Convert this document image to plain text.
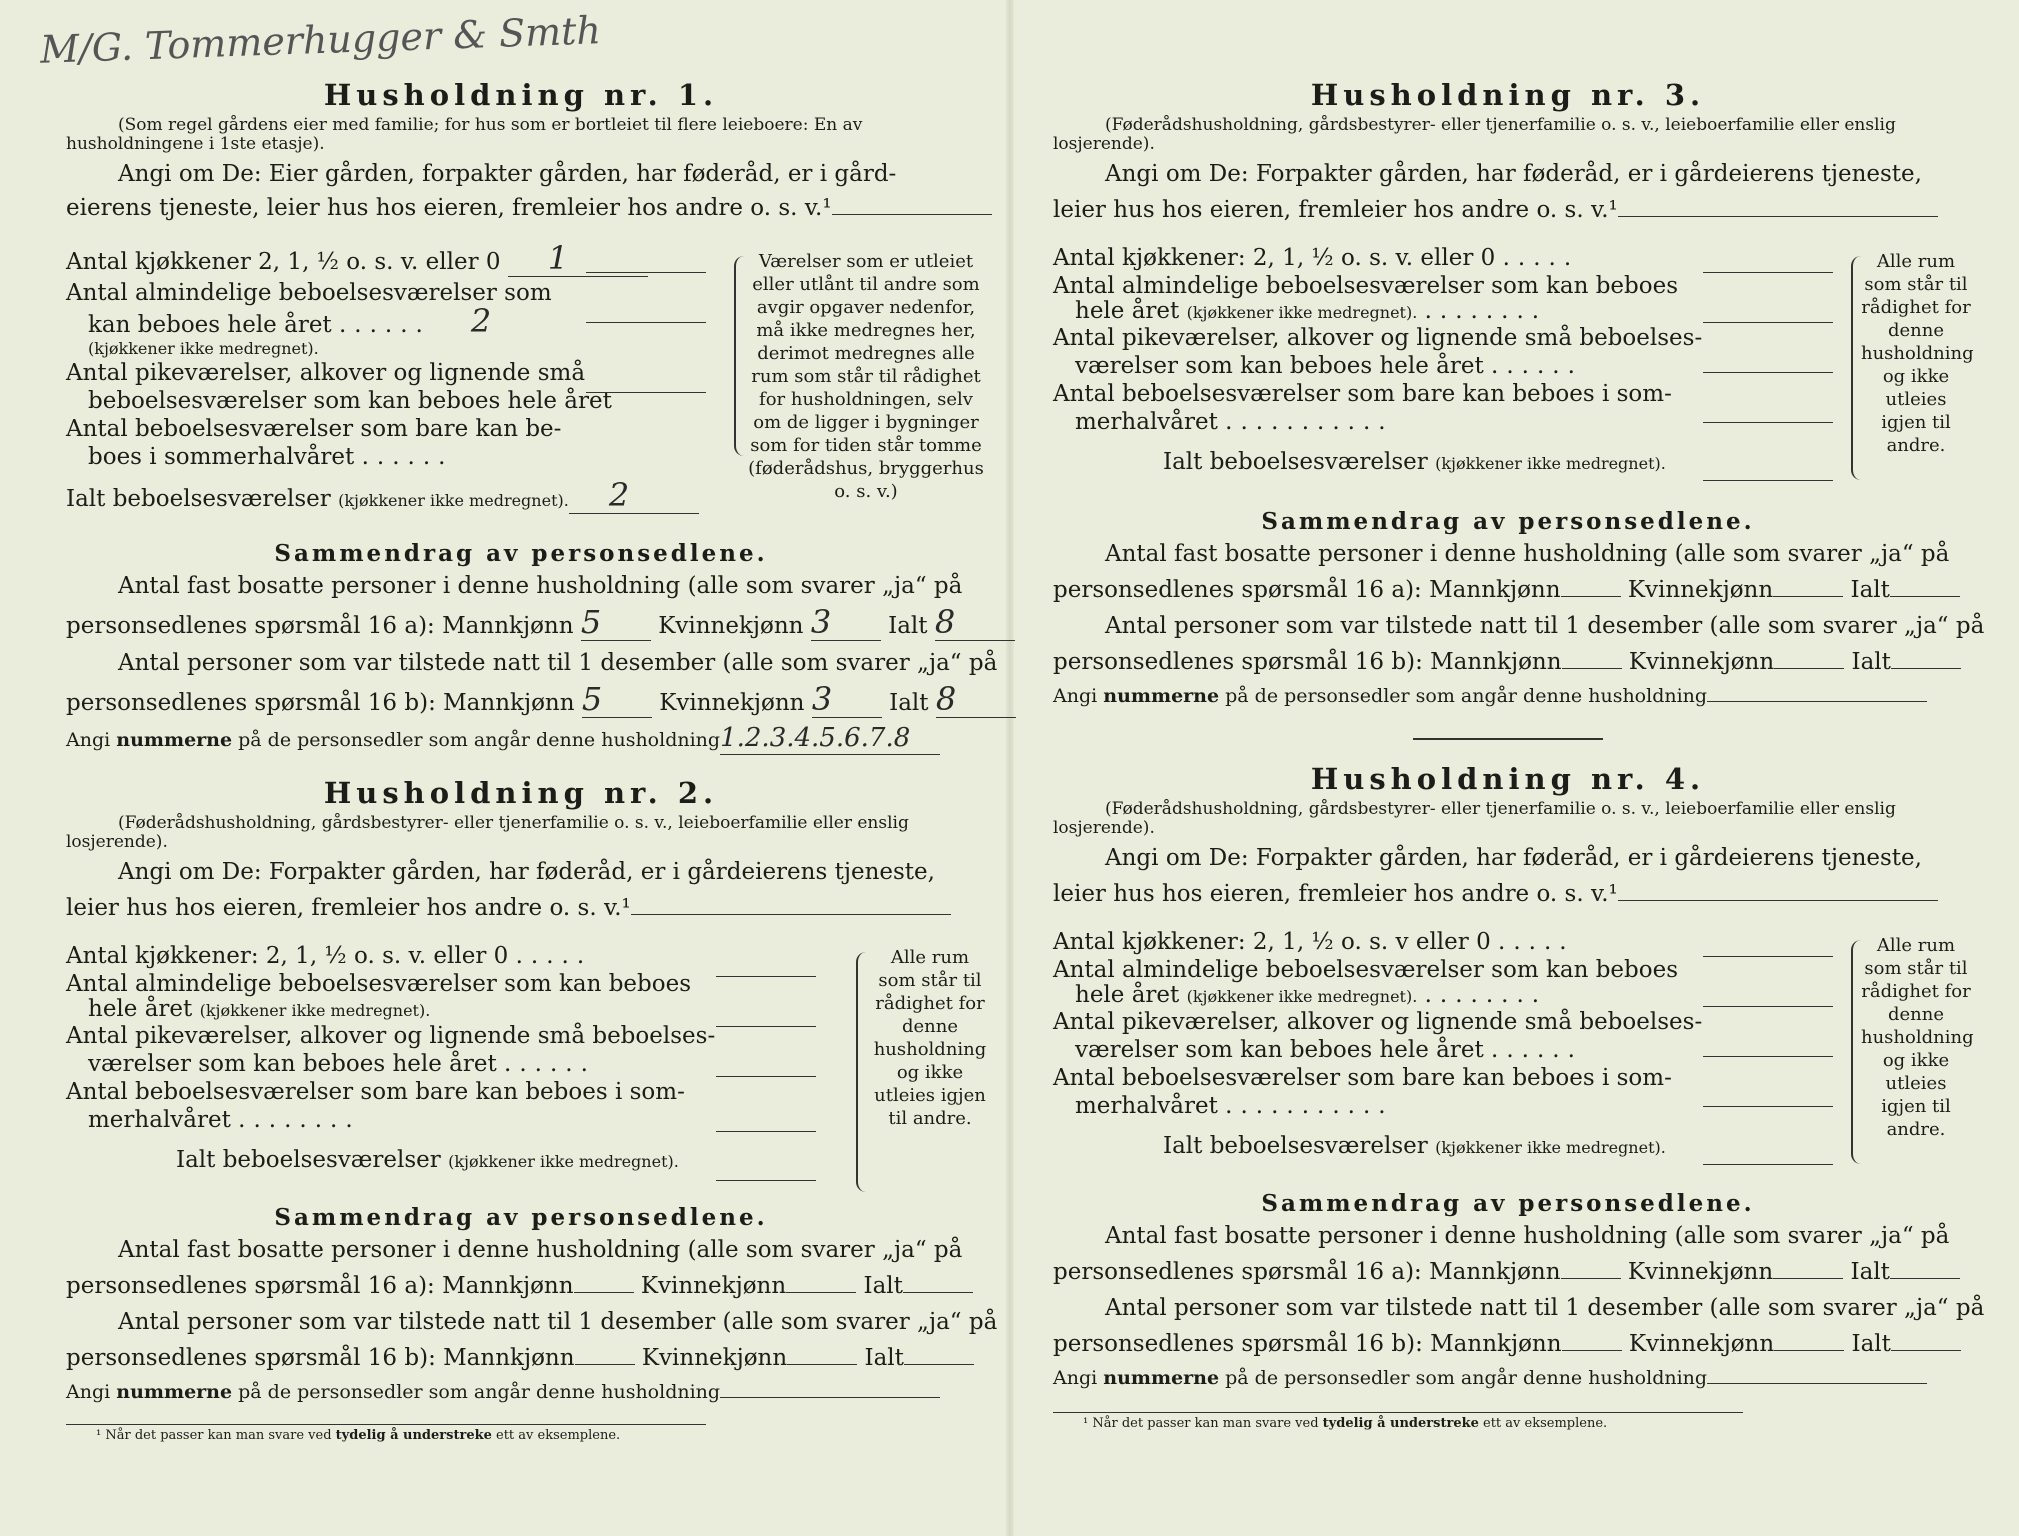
M/G. Tommerhugger & Smth
Husholdning nr. 1.
(Som regel gårdens eier med familie; for hus som er bortleiet til flere leieboere: En av husholdningene i 1ste etasje).
Angi om De: Eier gården, forpakter gården, har føderåd, er i gård-
eierens tjeneste, leier hus hos eieren, fremleier hos andre o. s. v.¹
Antal kjøkkener 2, 1, ½ o. s. v. eller 0 1
Antal almindelige beboelsesværelser som
kan beboes hele året ...... 2
(kjøkkener ikke medregnet).
Antal pikeværelser, alkover og lignende små
beboelsesværelser som kan beboes hele året
Antal beboelsesværelser som bare kan be-
boes i sommerhalvåret ......
Ialt beboelsesværelser (kjøkkener ikke medregnet). 2
Værelser som er utleiet eller utlånt til andre som avgir opgaver nedenfor, må ikke medregnes her, derimot medregnes alle rum som står til rådighet for husholdningen, selv om de ligger i bygninger som for tiden står tomme (føderådshus, bryggerhus o. s. v.)
Sammendrag av personsedlene.
Antal fast bosatte personer i denne husholdning (alle som svarer „ja“ på
personsedlenes spørsmål 16 a): Mannkjønn 5 Kvinnekjønn 3 Ialt 8
Antal personer som var tilstede natt til 1 desember (alle som svarer „ja“ på
personsedlenes spørsmål 16 b): Mannkjønn 5 Kvinnekjønn 3 Ialt 8
Angi nummerne på de personsedler som angår denne husholdning1.2.3.4.5.6.7.8
Husholdning nr. 2.
(Føderådshusholdning, gårdsbestyrer- eller tjenerfamilie o. s. v., leieboerfamilie eller enslig losjerende).
Angi om De: Forpakter gården, har føderåd, er i gårdeierens tjeneste,
leier hus hos eieren, fremleier hos andre o. s. v.¹
Antal kjøkkener: 2, 1, ½ o. s. v. eller 0 .....
Antal almindelige beboelsesværelser som kan beboes
hele året (kjøkkener ikke medregnet).
Antal pikeværelser, alkover og lignende små beboelses-
værelser som kan beboes hele året ......
Antal beboelsesværelser som bare kan beboes i som-
merhalvåret ........
Ialt beboelsesværelser (kjøkkener ikke medregnet).
Alle rum som står til rådighet for denne husholdning og ikke utleies igjen til andre.
Sammendrag av personsedlene.
Antal fast bosatte personer i denne husholdning (alle som svarer „ja“ på
personsedlenes spørsmål 16 a): Mannkjønn	Kvinnekjønn	Ialt
Antal personer som var tilstede natt til 1 desember (alle som svarer „ja“ på
personsedlenes spørsmål 16 b): Mannkjønn	Kvinnekjønn	Ialt
Angi nummerne på de personsedler som angår denne husholdning
¹ Når det passer kan man svare ved tydelig å understreke ett av eksemplene.
Husholdning nr. 3.
(Føderådshusholdning, gårdsbestyrer- eller tjenerfamilie o. s. v., leieboerfamilie eller enslig losjerende).
Angi om De: Forpakter gården, har føderåd, er i gårdeierens tjeneste,
leier hus hos eieren, fremleier hos andre o. s. v.¹
Antal kjøkkener: 2, 1, ½ o. s. v. eller 0 .....
Antal almindelige beboelsesværelser som kan beboes
hele året (kjøkkener ikke medregnet). ........
Antal pikeværelser, alkover og lignende små beboelses-
værelser som kan beboes hele året ......
Antal beboelsesværelser som bare kan beboes i som-
merhalvåret ...........
Ialt beboelsesværelser (kjøkkener ikke medregnet).
Alle rum som står til rådighet for denne husholdning og ikke utleies igjen til andre.
Sammendrag av personsedlene.
Antal fast bosatte personer i denne husholdning (alle som svarer „ja“ på
personsedlenes spørsmål 16 a): Mannkjønn	Kvinnekjønn	Ialt
Antal personer som var tilstede natt til 1 desember (alle som svarer „ja“ på
personsedlenes spørsmål 16 b): Mannkjønn	Kvinnekjønn	Ialt
Angi nummerne på de personsedler som angår denne husholdning
Husholdning nr. 4.
(Føderådshusholdning, gårdsbestyrer- eller tjenerfamilie o. s. v., leieboerfamilie eller enslig losjerende).
Angi om De: Forpakter gården, har føderåd, er i gårdeierens tjeneste,
leier hus hos eieren, fremleier hos andre o. s. v.¹
Antal kjøkkener: 2, 1, ½ o. s. v eller 0 .....
Antal almindelige beboelsesværelser som kan beboes
hele året (kjøkkener ikke medregnet). ........
Antal pikeværelser, alkover og lignende små beboelses-
værelser som kan beboes hele året ......
Antal beboelsesværelser som bare kan beboes i som-
merhalvåret ...........
Ialt beboelsesværelser (kjøkkener ikke medregnet).
Alle rum som står til rådighet for denne husholdning og ikke utleies igjen til andre.
Sammendrag av personsedlene.
Antal fast bosatte personer i denne husholdning (alle som svarer „ja“ på
personsedlenes spørsmål 16 a): Mannkjønn	Kvinnekjønn	Ialt
Antal personer som var tilstede natt til 1 desember (alle som svarer „ja“ på
personsedlenes spørsmål 16 b): Mannkjønn	Kvinnekjønn	Ialt
Angi nummerne på de personsedler som angår denne husholdning
¹ Når det passer kan man svare ved tydelig å understreke ett av eksemplene.
